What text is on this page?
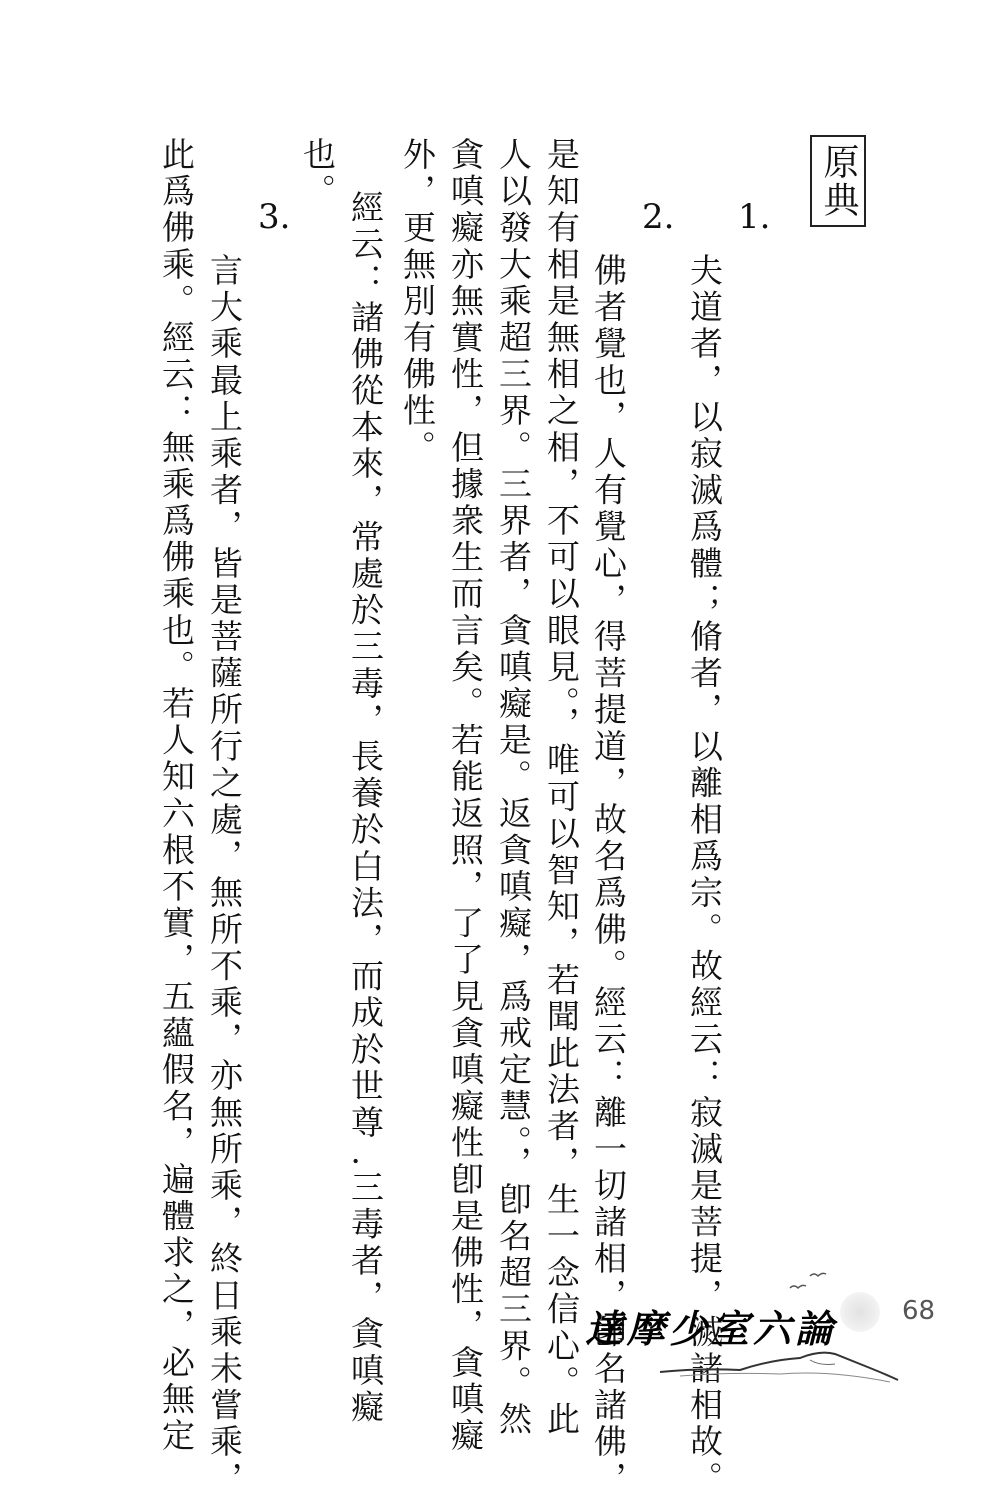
原典
1.
夫道者，以寂滅爲體；脩者，以離相爲宗。故經云：寂滅是菩提，滅諸相故。
2.
佛者覺也，人有覺心，得菩提道，故名爲佛。經云：離一切諸相，卽名諸佛，
是知有相是無相之相，不可以眼見。，唯可以智知，若聞此法者，生一念信心。此
人以發大乘超三界。三界者，貪嗔癡是。返貪嗔癡，爲戒定慧。，卽名超三界。然
貪嗔癡亦無實性，但據衆生而言矣。若能返照，了了見貪嗔癡性卽是佛性，貪嗔癡
外，更無別有佛性。
經云：諸佛從本來，常處於三毒，長養於白法，而成於世尊 .三毒者，貪嗔癡
也。
3.
言大乘最上乘者，皆是菩薩所行之處，無所不乘，亦無所乘，終日乘未嘗乘，
此爲佛乘。經云：無乘爲佛乘也。若人知六根不實，五蘊假名，遍體求之，必無定	達摩少室六論 68
